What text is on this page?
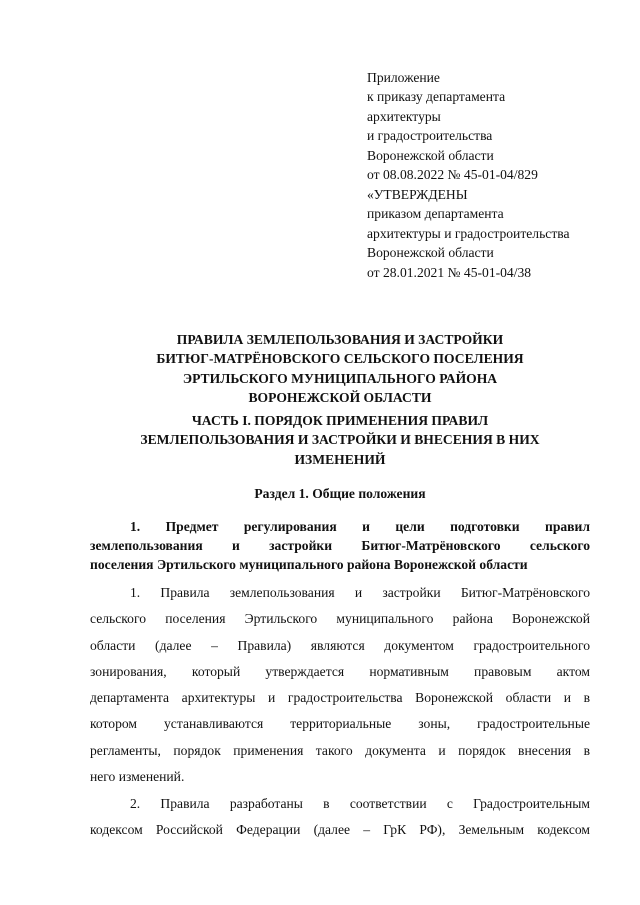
Приложение
к приказу департамента
архитектуры
и градостроительства
Воронежской области
от 08.08.2022 № 45-01-04/829
«УТВЕРЖДЕНЫ
приказом департамента
архитектуры и градостроительства
Воронежской области
от 28.01.2021 № 45-01-04/38
ПРАВИЛА ЗЕМЛЕПОЛЬЗОВАНИЯ И ЗАСТРОЙКИ
БИТЮГ-МАТРЁНОВСКОГО СЕЛЬСКОГО ПОСЕЛЕНИЯ
ЭРТИЛЬСКОГО МУНИЦИПАЛЬНОГО РАЙОНА
ВОРОНЕЖСКОЙ ОБЛАСТИ
ЧАСТЬ I. ПОРЯДОК ПРИМЕНЕНИЯ ПРАВИЛ
ЗЕМЛЕПОЛЬЗОВАНИЯ И ЗАСТРОЙКИ И ВНЕСЕНИЯ В НИХ
ИЗМЕНЕНИЙ
Раздел 1. Общие положения
1. Предмет регулирования и цели подготовки правил
землепользования и застройки Битюг-Матрёновского сельского
поселения Эртильского муниципального района Воронежской области
1. Правила землепользования и застройки Битюг-Матрёновского
сельского поселения Эртильского муниципального района Воронежской
области (далее – Правила) являются документом градостроительного
зонирования, который утверждается нормативным правовым актом
департамента архитектуры и градостроительства Воронежской области и в
котором устанавливаются территориальные зоны, градостроительные
регламенты, порядок применения такого документа и порядок внесения в
него изменений.
2. Правила разработаны в соответствии с Градостроительным
кодексом Российской Федерации (далее – ГрК РФ), Земельным кодексом
